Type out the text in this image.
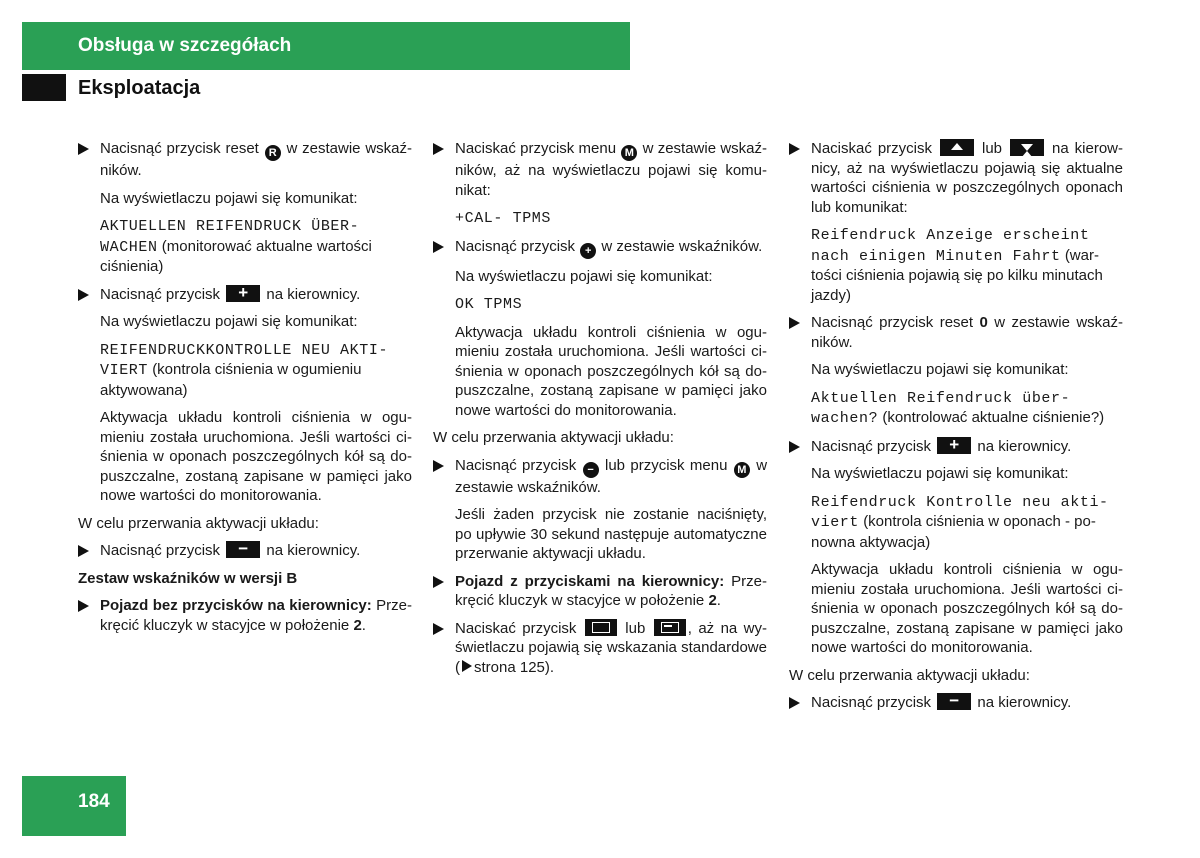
Obsługa w szczegółach
Eksploatacja
Nacisnąć przycisk reset R w zestawie wskaźników.

Na wyświetlaczu pojawi się komunikat:

AKTUELLEN REIFENDRUCK ÜBER-WACHEN (monitorować aktualne wartości ciśnienia)

Nacisnąć przycisk	+	na kierownicy.

Na wyświetlaczu pojawi się komunikat:

REIFENDRUCKKONTROLLE NEU AKTI-VIERT (kontrola ciśnienia w ogumieniu aktywowana)

Aktywacja układu kontroli ciśnienia w ogumieniu została uruchomiona. Jeśli wartości ciśnienia w oponach poszczególnych kół są dopuszczalne, zostaną zapisane w pamięci jako nowe wartości do monitorowania.

W celu przerwania aktywacji układu:

Nacisnąć przycisk	−	na kierownicy.

Zestaw wskaźników w wersji B

Pojazd bez przycisków na kierownicy: Przekręcić kluczyk w stacyjce w położenie 2.
Naciskać przycisk menu M w zestawie wskaźników, aż na wyświetlaczu pojawi się komunikat:

+CAL- TPMS

Nacisnąć przycisk + w zestawie wskaźników.

Na wyświetlaczu pojawi się komunikat:

OK TPMS

Aktywacja układu kontroli ciśnienia w ogumieniu została uruchomiona. Jeśli wartości ciśnienia w oponach poszczególnych kół są dopuszczalne, zostaną zapisane w pamięci jako nowe wartości do monitorowania.

W celu przerwania aktywacji układu:

Nacisnąć przycisk − lub przycisk menu M w zestawie wskaźników.

Jeśli żaden przycisk nie zostanie naciśnięty, po upływie 30 sekund następuje automatyczne przerwanie aktywacji układu.

Pojazd z przyciskami na kierownicy: Przekręcić kluczyk w stacyjce w położenie 2.
Naciskać przycisk	lub	, aż na wyświetlaczu pojawią się wskazania standardowe ( strona 125).
Naciskać przycisk	lub	na kierownicy, aż na wyświetlaczu pojawią się aktualne wartości ciśnienia w poszczególnych oponach lub komunikat:

Reifendruck Anzeige erscheint nach einigen Minuten Fahrt (wartości ciśnienia pojawią się po kilku minutach jazdy)

Nacisnąć przycisk reset 0 w zestawie wskaźników.

Na wyświetlaczu pojawi się komunikat:

Aktuellen Reifendruck über-wachen? (kontrolować aktualne ciśnienie?)

Nacisnąć przycisk	+	na kierownicy.

Na wyświetlaczu pojawi się komunikat:

Reifendruck Kontrolle neu akti-viert (kontrola ciśnienia w oponach - ponowna aktywacja)

Aktywacja układu kontroli ciśnienia w ogumieniu została uruchomiona. Jeśli wartości ciśnienia w oponach poszczególnych kół są dopuszczalne, zostaną zapisane w pamięci jako nowe wartości do monitorowania.

W celu przerwania aktywacji układu:

Nacisnąć przycisk	−	na kierownicy.
184
